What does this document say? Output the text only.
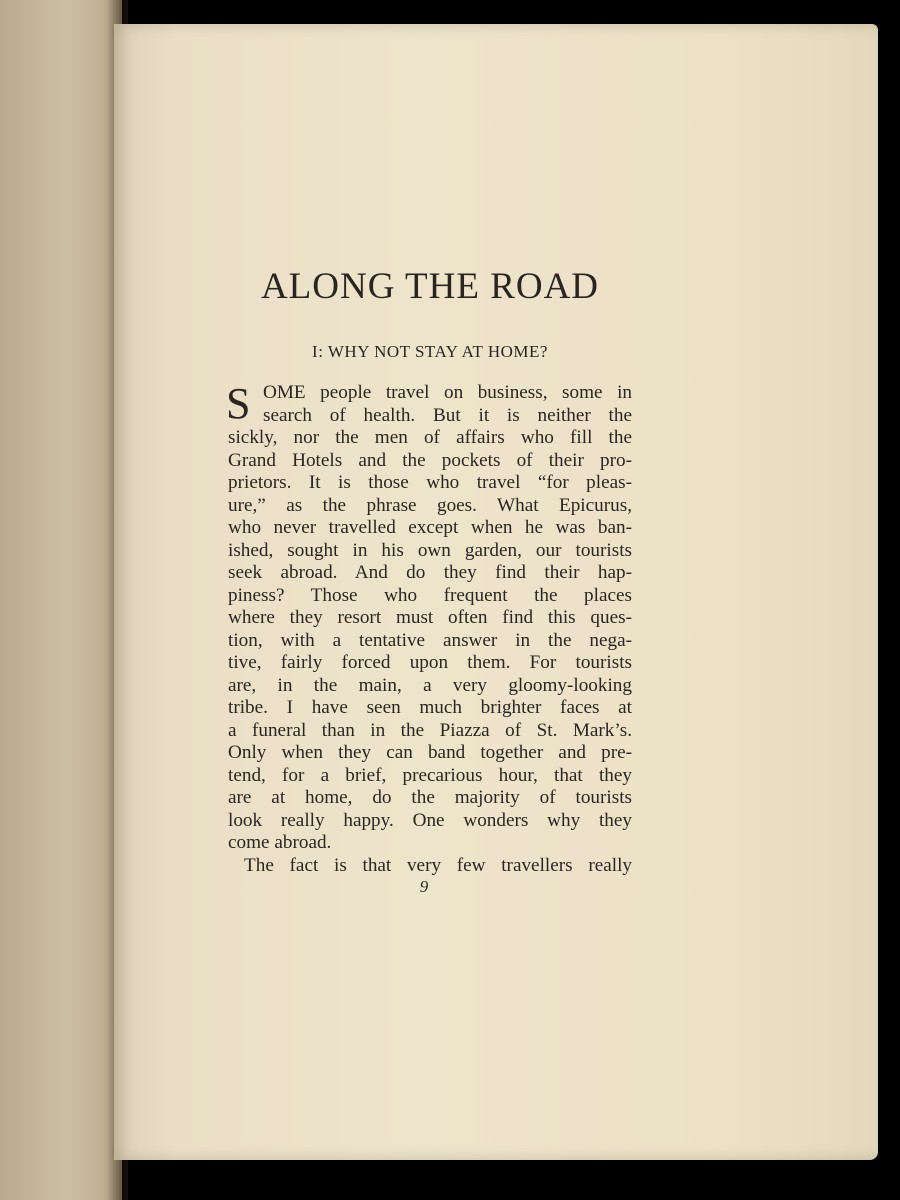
ALONG THE ROAD
I: WHY NOT STAY AT HOME?
S OME people travel on business, some in
search of health. But it is neither the
sickly, nor the men of affairs who fill the
Grand Hotels and the pockets of their pro-
prietors. It is those who travel “for pleas-
ure,” as the phrase goes. What Epicurus,
who never travelled except when he was ban-
ished, sought in his own garden, our tourists
seek abroad. And do they find their hap-
piness? Those who frequent the places
where they resort must often find this ques-
tion, with a tentative answer in the nega-
tive, fairly forced upon them. For tourists
are, in the main, a very gloomy-looking
tribe. I have seen much brighter faces at
a funeral than in the Piazza of St. Mark’s.
Only when they can band together and pre-
tend, for a brief, precarious hour, that they
are at home, do the majority of tourists
look really happy. One wonders why they
come abroad.
The fact is that very few travellers really
9
